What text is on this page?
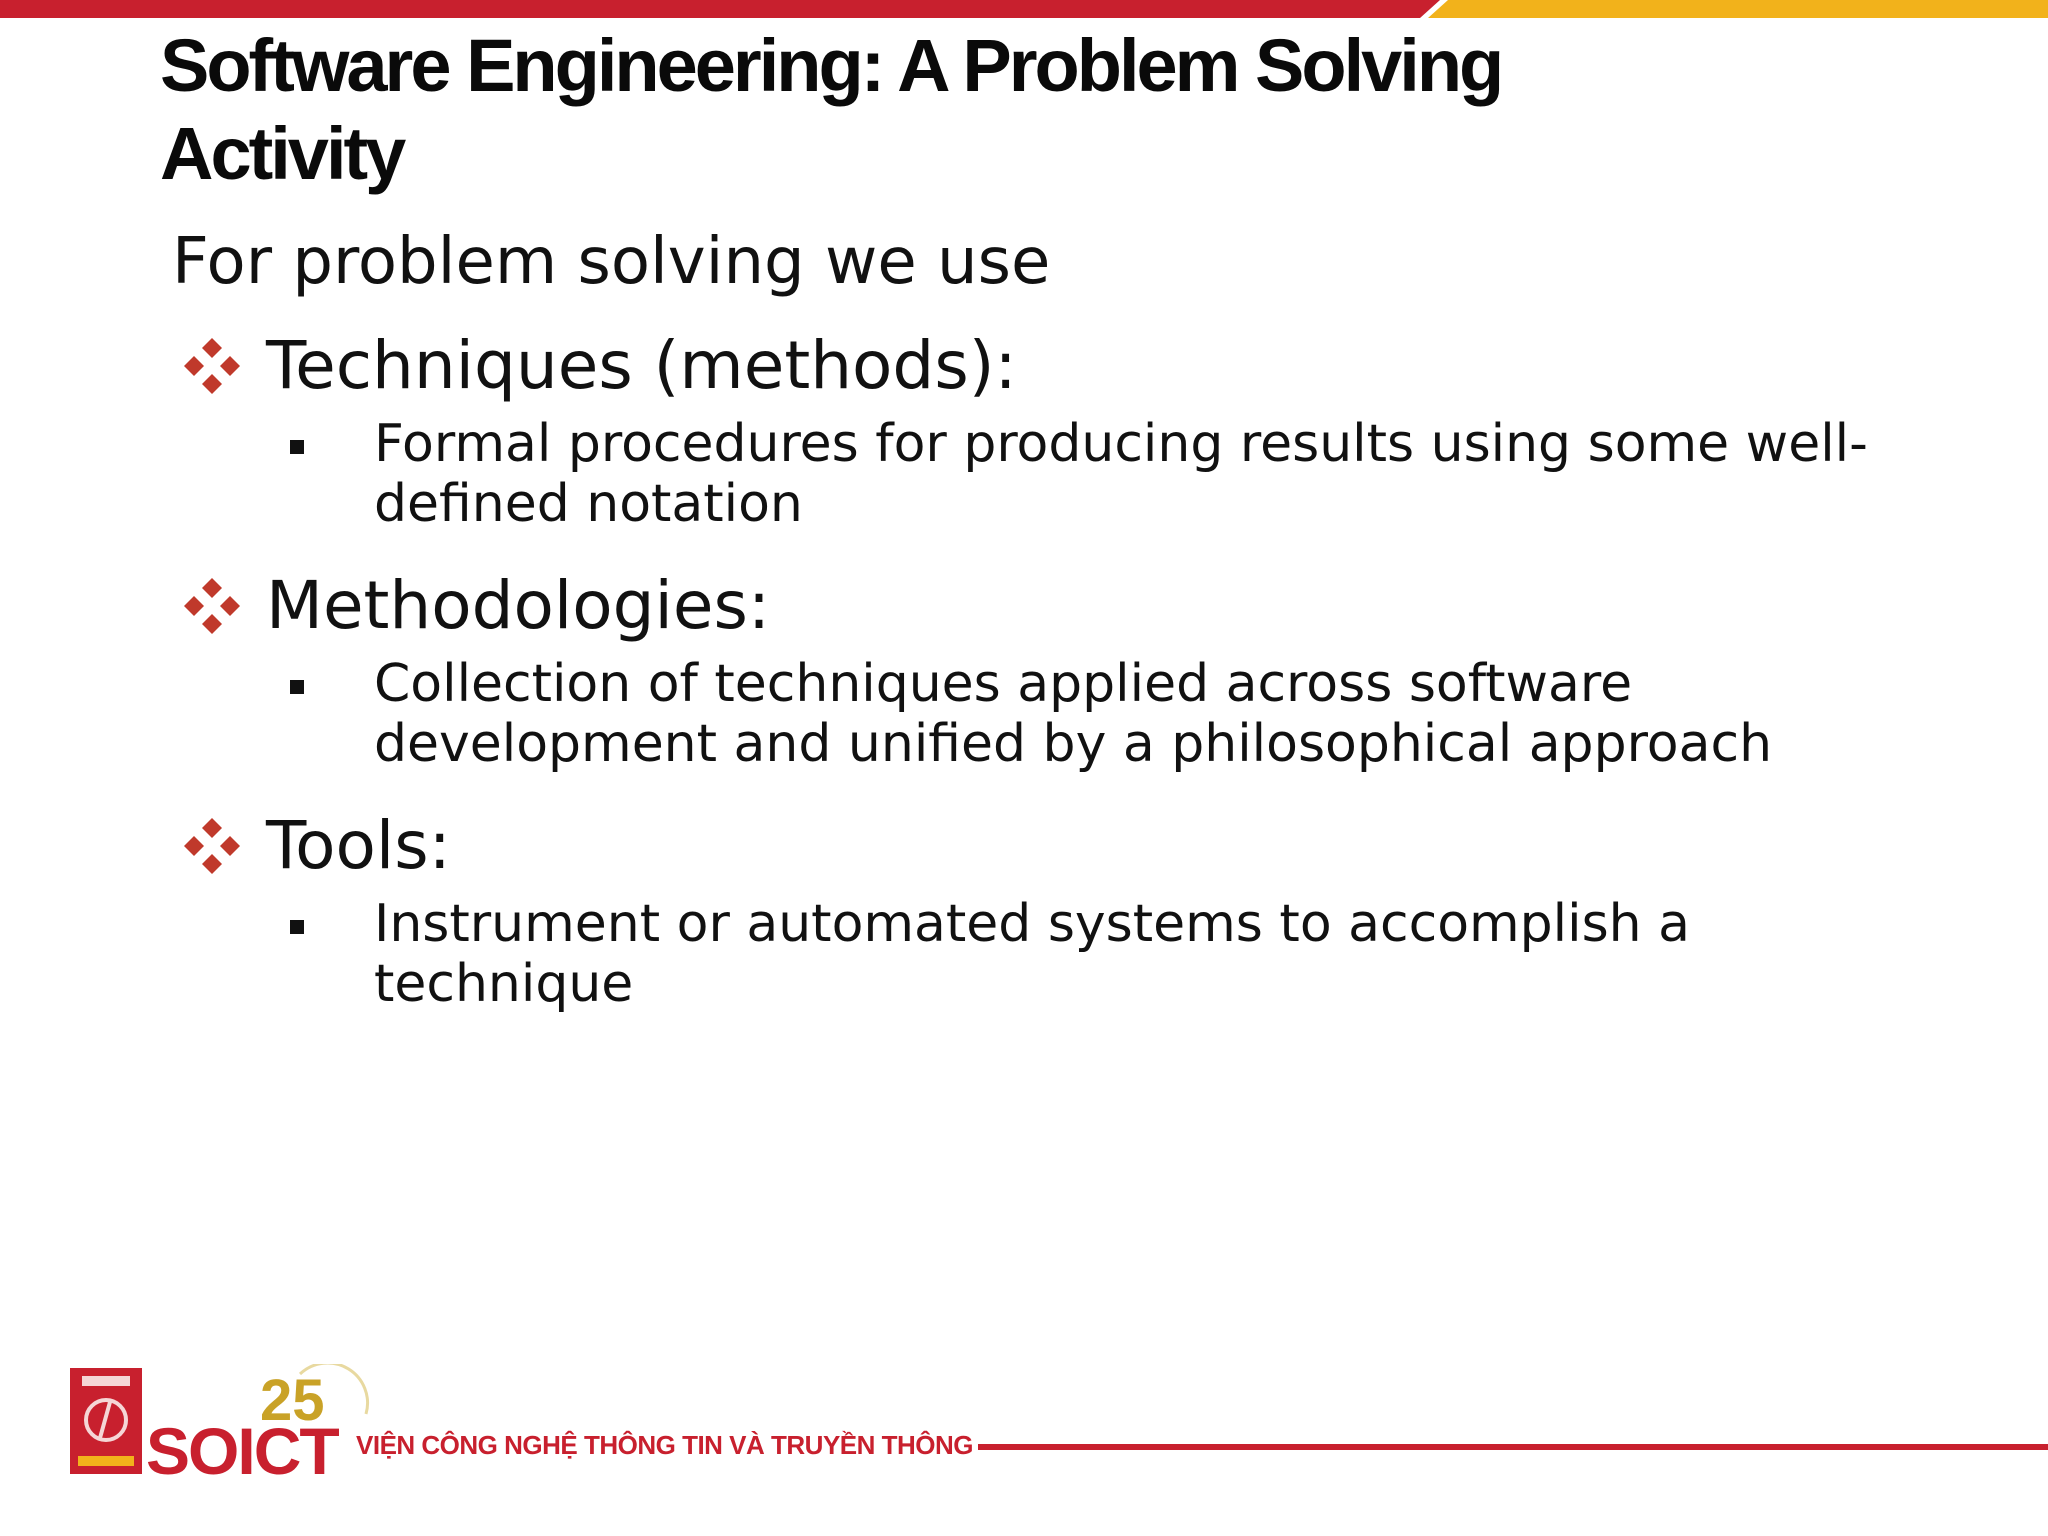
Software Engineering: A Problem Solving Activity

For problem solving we use

Techniques (methods):
Formal procedures for producing results using some well-defined notation
Methodologies:
Collection of techniques applied across software development and unified by a philosophical approach
Tools:
Instrument or automated systems to accomplish a technique
25
SOICT VIỆN CÔNG NGHỆ THÔNG TIN VÀ TRUYỀN THÔNG
